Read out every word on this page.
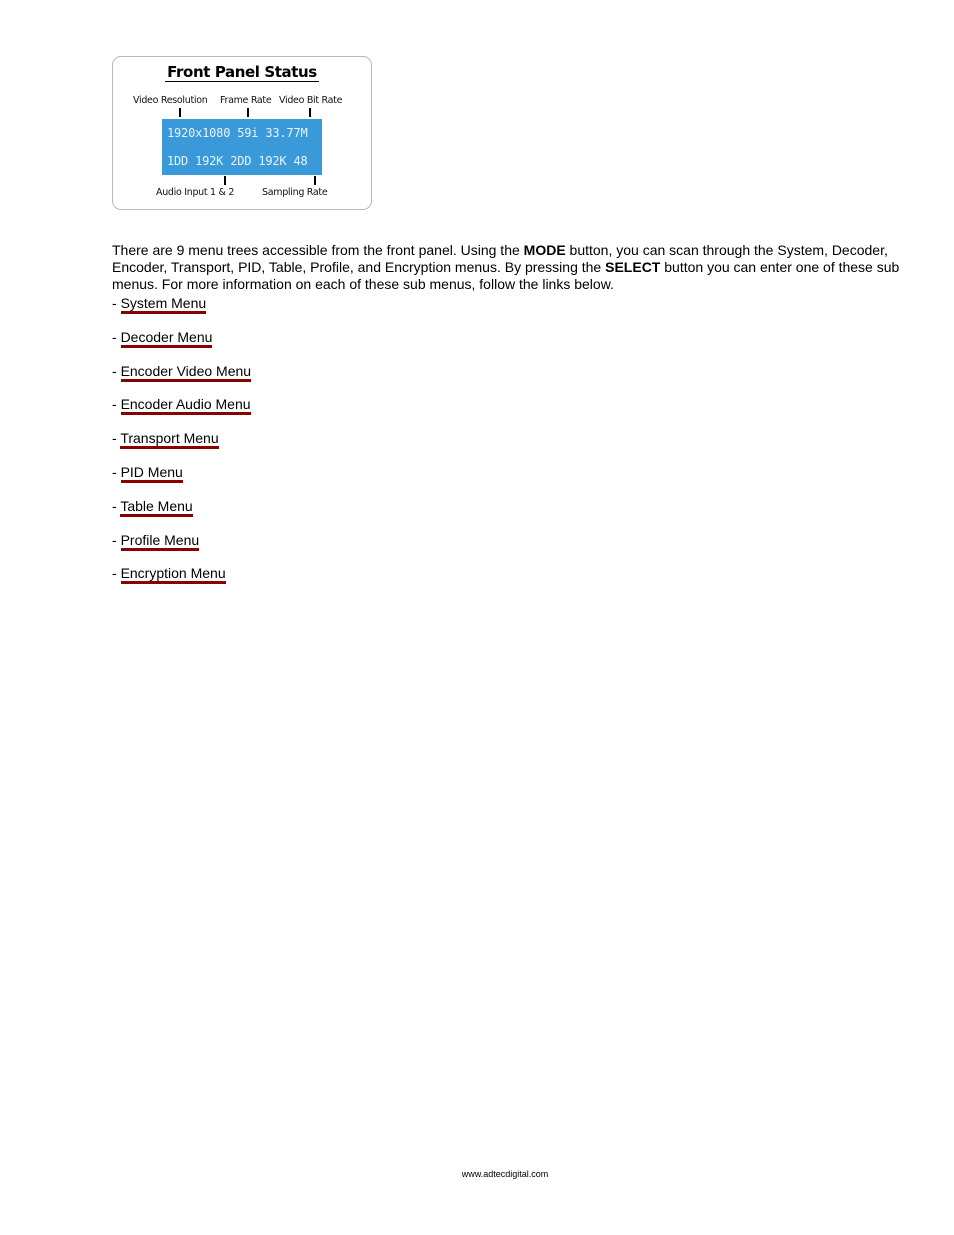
Front Panel Status
Video Resolution Frame Rate Video Bit Rate
1920x1080 59i 33.77M
1DD 192K 2DD 192K 48
Audio Input 1 & 2	Sampling Rate

There are 9 menu trees accessible from the front panel. Using the MODE button, you can scan through the System, Decoder, Encoder, Transport, PID, Table, Profile, and Encryption menus. By pressing the SELECT button you can enter one of these sub menus. For more information on each of these sub menus, follow the links below.

- System Menu
- Decoder Menu
- Encoder Video Menu
- Encoder Audio Menu
- Transport Menu
- PID Menu
- Table Menu
- Profile Menu
- Encryption Menu
www.adtecdigital.com
